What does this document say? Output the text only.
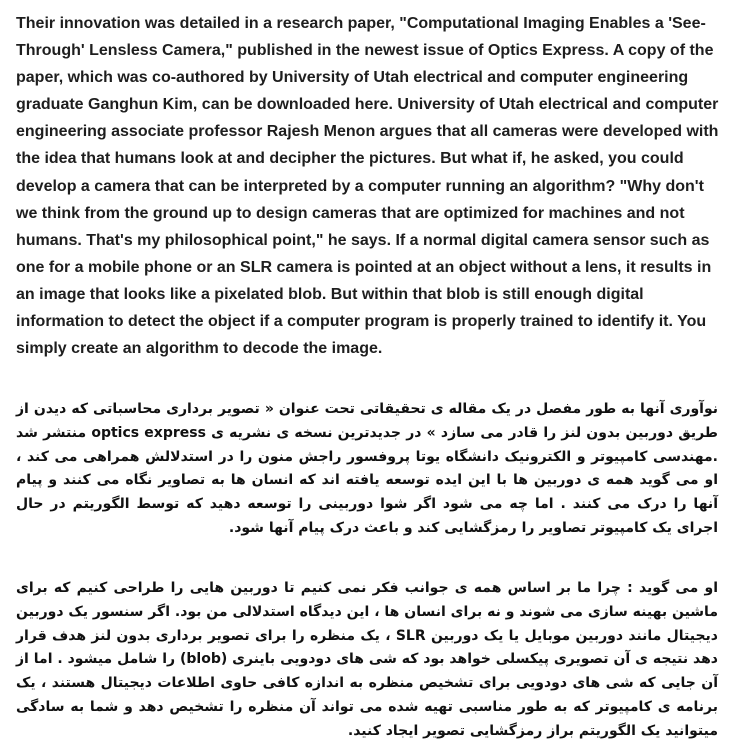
Their innovation was detailed in a research paper, "Computational Imaging Enables a 'See-Through' Lensless Camera," published in the newest issue of Optics Express. A copy of the paper, which was co-authored by University of Utah electrical and computer engineering graduate Ganghun Kim, can be downloaded here. University of Utah electrical and computer engineering associate professor Rajesh Menon argues that all cameras were developed with the idea that humans look at and decipher the pictures. But what if, he asked, you could develop a camera that can be interpreted by a computer running an algorithm? "Why don't we think from the ground up to design cameras that are optimized for machines and not humans. That's my philosophical point," he says. If a normal digital camera sensor such as one for a mobile phone or an SLR camera is pointed at an object without a lens, it results in an image that looks like a pixelated blob. But within that blob is still enough digital information to detect the object if a computer program is properly trained to identify it. You simply create an algorithm to decode the image.

نوآوری آنها به طور مفصل در یک مقاله ی تحقیقاتی تحت عنوان « تصویر برداری محاسباتی که دیدن از طریق دوربین بدون لنز را قادر می سازد » در جدیدترین نسخه ی نشریه ی optics express منتشر شد .مهندسی کامپیوتر و الکترونیک دانشگاه یوتا پروفسور راجش منون را در استدلالش همراهی می کند ، او می گوید همه ی دوربین ها با این ایده توسعه یافته اند که انسان ها به تصاویر نگاه می کنند و پیام آنها را درک می کنند . اما چه می شود اگر شوا دوربینی را توسعه دهید که توسط الگوریتم در حال اجرای یک کامپیوتر تصاویر را رمزگشایی کند و باعث درک پیام آنها شود.

او می گوید : چرا ما بر اساس همه ی جوانب فکر نمی کنیم تا دوربین هایی را طراحی کنیم که برای ماشین بهینه سازی می شوند و نه برای انسان ها ، این دیدگاه استدلالی من بود. اگر سنسور یک دوربین دیجیتال مانند دوربین موبایل یا یک دوربین SLR ، یک منظره را برای تصویر برداری بدون لنز هدف قرار دهد نتیجه ی آن تصویری پیکسلی خواهد بود که شی های دودویی باینری (blob) را شامل میشود . اما از آن جایی که شی های دودویی برای تشخیص منظره به اندازه کافی حاوی اطلاعات دیجیتال هستند ، یک برنامه ی کامپیوتر که به طور مناسبی تهیه شده می تواند آن منظره را تشخیص دهد و شما به سادگی میتوانید یک الگوریتم براز رمزگشایی تصویر ایجاد کنید.
